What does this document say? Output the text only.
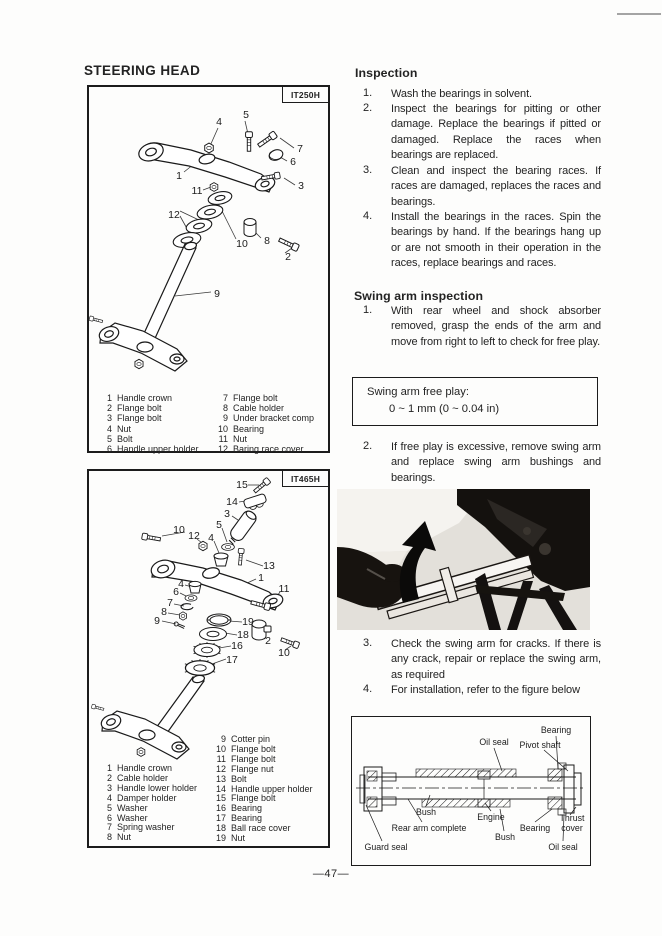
STEERING HEAD
4
5
7
6
1
3
11
12
8
10
2
9
IT250H
1 Handle crown
2 Flange bolt
3 Flange bolt
4 Nut
5 Bolt
6 Handle upper holder
7 Flange bolt
8 Cable holder
9 Under bracket comp
10 Bearing
11 Nut
12 Baring race cover
15
14
3
5
4
10 12
13
1
11
4
6
7
8
9	19
18
16
17
2
10
IT465H
1 Handle crown
2 Cable holder
3 Handle lower holder
4 Damper holder
5 Washer
6 Washer
7 Spring washer
8 Nut
9 Cotter pin
10 Flange bolt
11 Flange bolt
12 Flange nut
13 Bolt
14 Handle upper holder
15 Flange bolt
16 Bearing
17 Bearing
18 Ball race cover
19 Nut
Inspection
1. Wash the bearings in solvent.
2. Inspect the bearings for pitting or other damage. Replace the bearings if pitted or damaged. Replace the races when bearings are replaced.
3. Clean and inspect the bearing races. If races are damaged, replaces the races and bearings.
4. Install the bearings in the races. Spin the bearings by hand. If the bearings hang up or are not smooth in their operation in the races, replace bearings and races.
Swing arm inspection
1. With rear wheel and shock absorber removed, grasp the ends of the arm and move from right to left to check for free play.
2. If free play is excessive, remove swing arm and replace swing arm bushings and bearings.
3. Check the swing arm for cracks. If there is any crack, repair or replace the swing arm, as required
4. For installation, refer to the figure below
Swing arm free play:
0 ~ 1 mm (0 ~ 0.04 in)
Oil seal
Bearing
Pivot shaft
Bush
Rear arm complete
Engine
Bush
Bearing
Thrust cover
Guard seal	Oil seal
—47—
